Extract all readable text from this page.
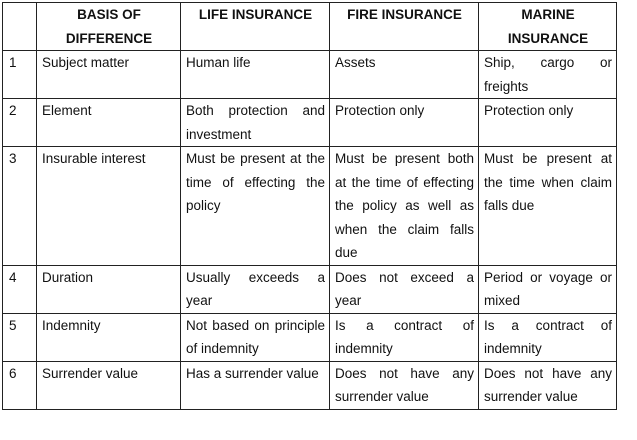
	BASIS OF DIFFERENCE	LIFE INSURANCE	FIRE INSURANCE	MARINE INSURANCE
1	Subject matter	Human life	Assets	Ship, cargo or freights
2	Element	Both protection and investment	Protection only	Protection only
3	Insurable interest	Must be present at the time of effecting the policy	Must be present both at the time of effecting the policy as well as when the claim falls due	Must be present at the time when claim falls due
4	Duration	Usually exceeds a year	Does not exceed a year	Period or voyage or mixed
5	Indemnity	Not based on principle of indemnity	Is a contract of indemnity	Is a contract of indemnity
6	Surrender value	Has a surrender value	Does not have any surrender value	Does not have any surrender value
